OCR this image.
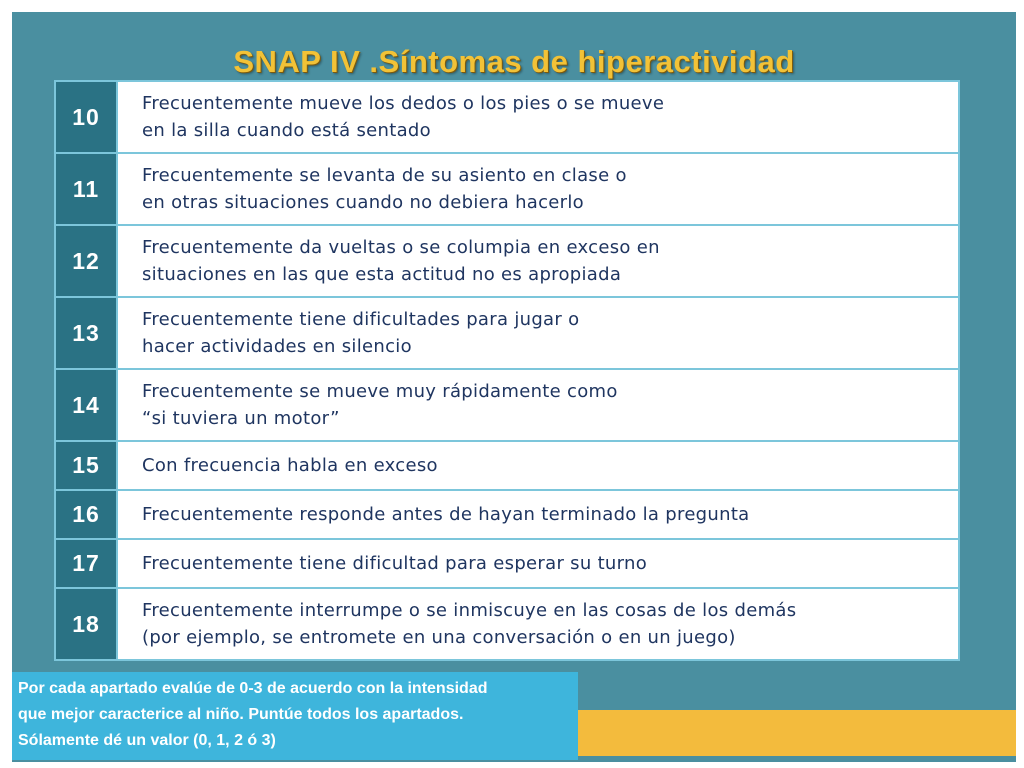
SNAP IV .Síntomas de hiperactividad
10	Frecuentemente mueve los dedos o los pies o se mueve
en la silla cuando está sentado
11	Frecuentemente se levanta de su asiento en clase o
en otras situaciones cuando no debiera hacerlo
12	Frecuentemente da vueltas o se columpia en exceso en
situaciones en las que esta actitud no es apropiada
13	Frecuentemente tiene dificultades para jugar o
hacer actividades en silencio
14	Frecuentemente se mueve muy rápidamente como
“si tuviera un motor”
15	Con frecuencia habla en exceso
16	Frecuentemente responde antes de hayan terminado la pregunta
17	Frecuentemente tiene dificultad para esperar su turno
18	Frecuentemente interrumpe o se inmiscuye en las cosas de los demás
(por ejemplo, se entromete en una conversación o en un juego)
Por cada apartado evalúe de 0-3 de acuerdo con la intensidad
que mejor caracterice al niño. Puntúe todos los apartados.
Sólamente dé un valor (0, 1, 2 ó 3)
